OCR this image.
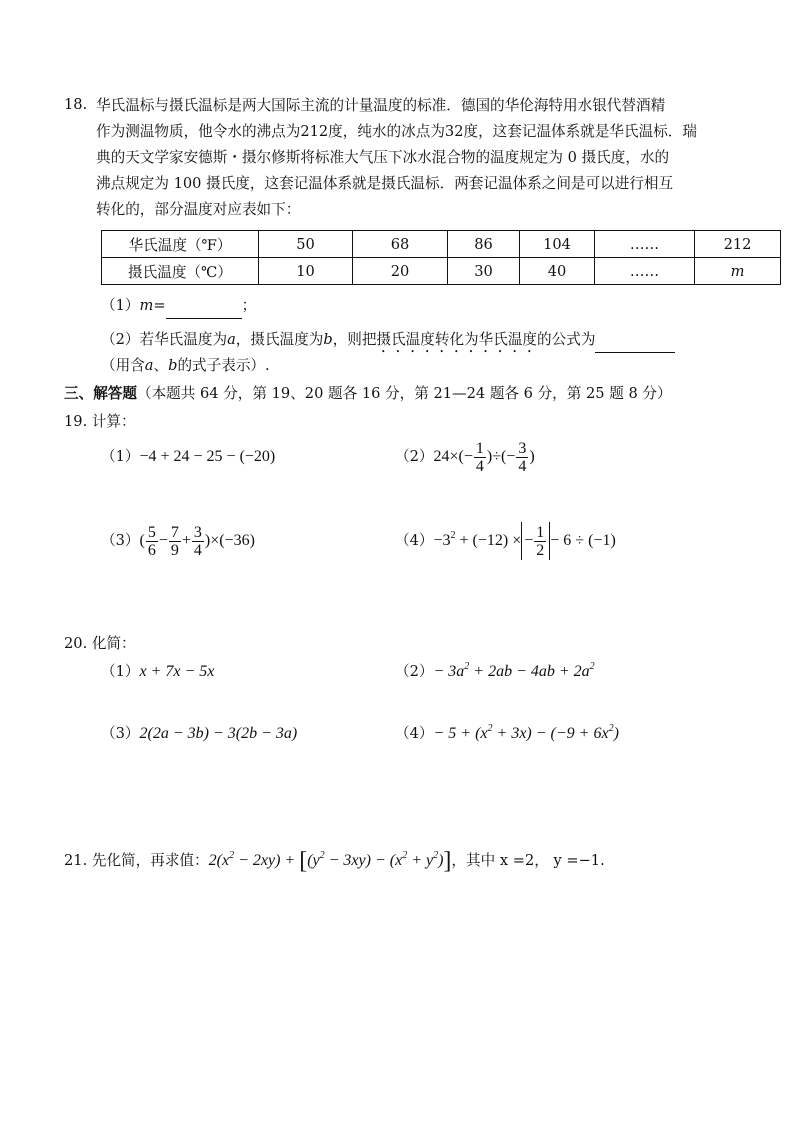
18. 华氏温标与摄氏温标是两大国际主流的计量温度的标准．德国的华伦海特用水银代替酒精
作为测温物质，他令水的沸点为212度，纯水的冰点为32度，这套记温体系就是华氏温标．瑞
典的天文学家安德斯・摄尔修斯将标准大气压下冰水混合物的温度规定为 0 摄氏度，水的
沸点规定为 100 摄氏度，这套记温体系就是摄氏温标．两套记温体系之间是可以进行相互
转化的，部分温度对应表如下：
华氏温度（℉）	50	68	86	104	……	212
摄氏温度（℃）	10	20	30	40	……	m
（1）m=	；
（2）若华氏温度为a，摄氏温度为b，则把摄氏温度转化为华氏温度的公式为
（用含a、b的式子表示）.
三、解答题（本题共 64 分，第 19、20 题各 16 分，第 21—24 题各 6 分，第 25 题 8 分）
19. 计算：
（1）−4 + 24 − 25 − (−20)	$(2)24\times(- \frac{1}{4}$ )÷(− $\frac{3}{4}$ )
$(3)( \frac{5}{6} - \frac{7}{9} + \frac{3}{4} )\times(-36)$	$(4)-3^2 + (-12)$ × − $\frac{1}{2} - 6 \div (-1)$
20. 化简：
（1）x + 7x − 5x	$(2)- 3a^2 + 2ab - 4ab + 2a^2$
（3）2(2a − 3b) − 3(2b − 3a)	$(4)- 5 + (x^2 + 3x) - (-9 + 6x^2)$
21. 先化简，再求值：$2(x^2 - 2xy) + [(y^2 - 3xy) - (x^2 + y^2)]$，其中 x =2， y =−1.
